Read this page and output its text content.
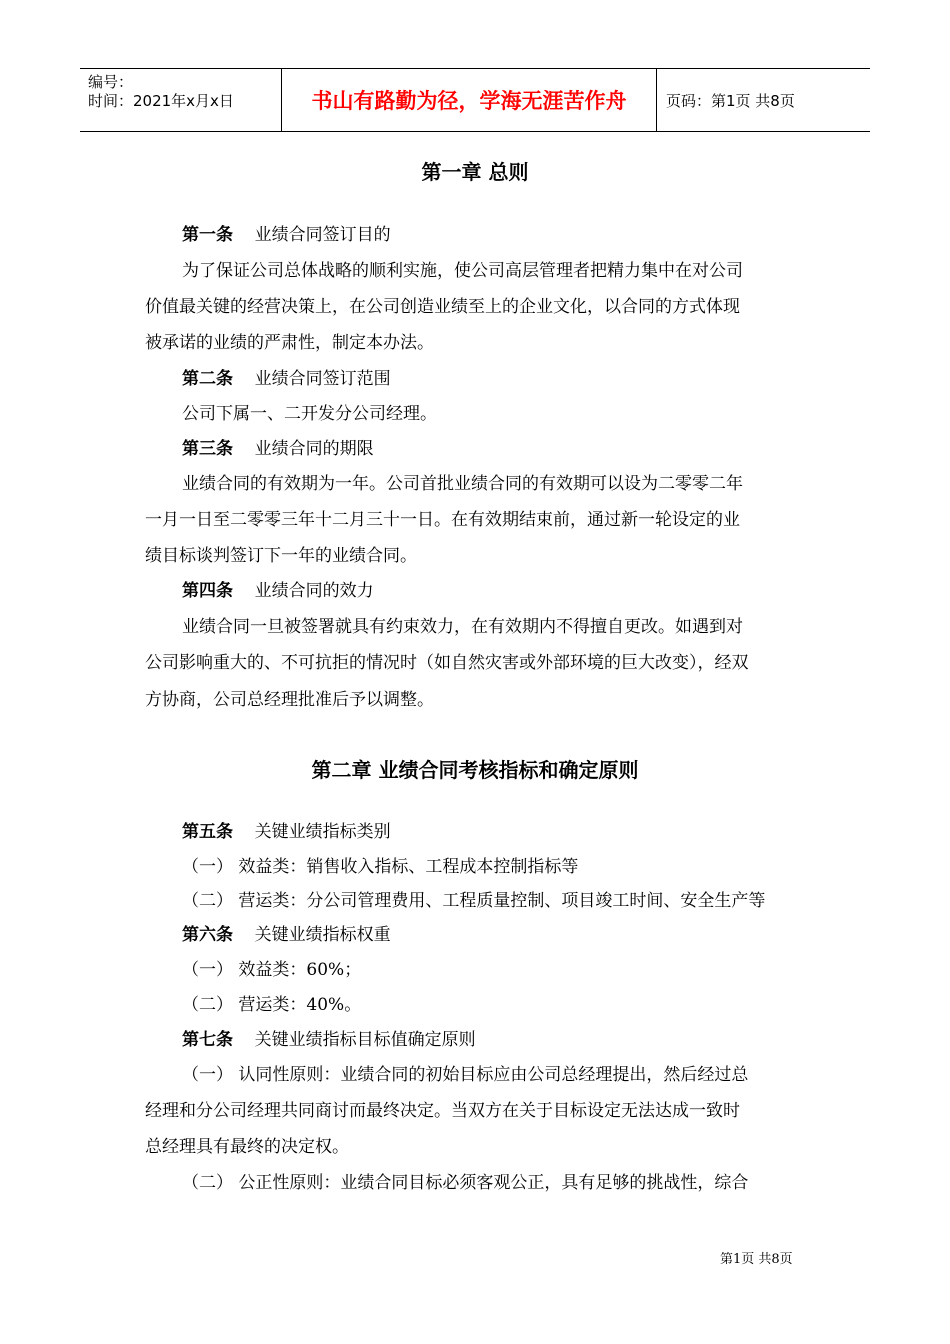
编号：
时间：2021年x月x日	书山有路勤为径，学海无涯苦作舟	页码：第1页 共8页
第一章 总则
第一条 业绩合同签订目的
为了保证公司总体战略的顺利实施，使公司高层管理者把精力集中在对公司
价值最关键的经营决策上，在公司创造业绩至上的企业文化，以合同的方式体现
被承诺的业绩的严肃性，制定本办法。
第二条 业绩合同签订范围
公司下属一、二开发分公司经理。
第三条 业绩合同的期限
业绩合同的有效期为一年。公司首批业绩合同的有效期可以设为二零零二年
一月一日至二零零三年十二月三十一日。在有效期结束前，通过新一轮设定的业
绩目标谈判签订下一年的业绩合同。
第四条 业绩合同的效力
业绩合同一旦被签署就具有约束效力，在有效期内不得擅自更改。如遇到对
公司影响重大的、不可抗拒的情况时（如自然灾害或外部环境的巨大改变），经双
方协商，公司总经理批准后予以调整。
第二章 业绩合同考核指标和确定原则
第五条 关键业绩指标类别
（一） 效益类：销售收入指标、工程成本控制指标等
（二） 营运类：分公司管理费用、工程质量控制、项目竣工时间、安全生产等
第六条 关键业绩指标权重
（一） 效益类：60%；
（二） 营运类：40%。
第七条 关键业绩指标目标值确定原则
（一） 认同性原则：业绩合同的初始目标应由公司总经理提出，然后经过总
经理和分公司经理共同商讨而最终决定。当双方在关于目标设定无法达成一致时
总经理具有最终的决定权。
（二） 公正性原则：业绩合同目标必须客观公正，具有足够的挑战性，综合
第1页 共8页
